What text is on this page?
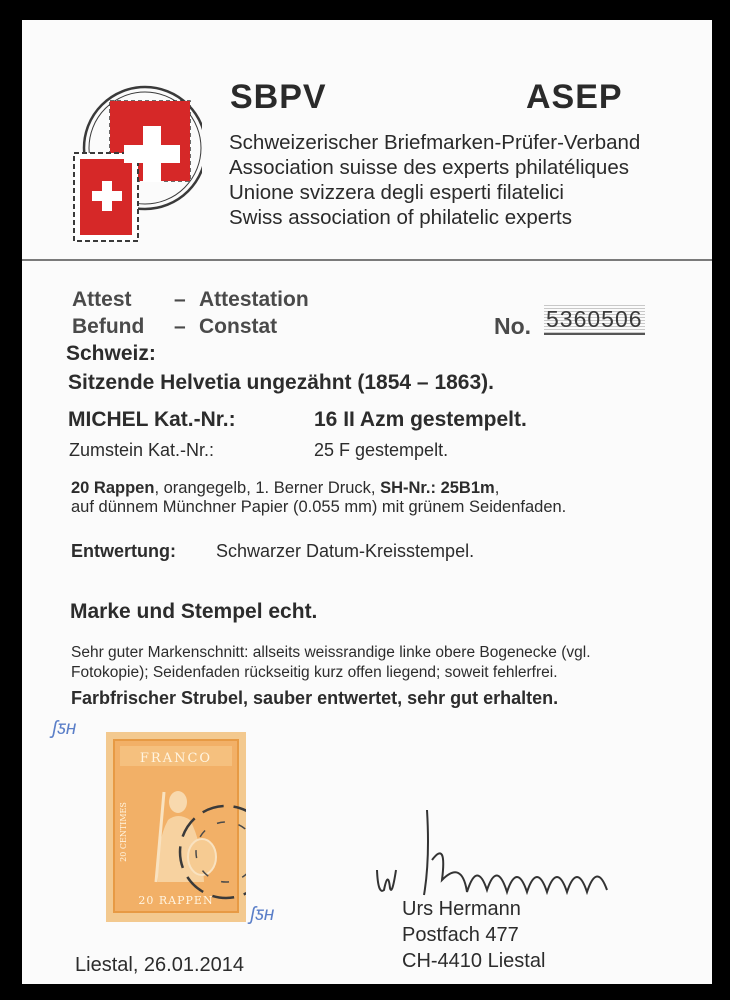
SBPV	ASEP
Schweizerischer Briefmarken-Prüfer-Verband
Association suisse des experts philatéliques
Unione svizzera degli esperti filatelici
Swiss association of philatelic experts
Attest – Attestation
Befund – Constat	No. 5360506
Schweiz:
Sitzende Helvetia ungezähnt (1854 – 1863).
MICHEL Kat.-Nr.:	16 II Azm gestempelt.
Zumstein Kat.-Nr.:	25 F gestempelt.
20 Rappen, orangegelb, 1. Berner Druck, SH-Nr.: 25B1m,
auf dünnem Münchner Papier (0.055 mm) mit grünem Seidenfaden.
Entwertung: Schwarzer Datum-Kreisstempel.
Marke und Stempel echt.
Sehr guter Markenschnitt: allseits weissrandige linke obere Bogenecke (vgl.
Fotokopie); Seidenfaden rückseitig kurz offen liegend; soweit fehlerfrei.
Farbfrischer Strubel, sauber entwertet, sehr gut erhalten.
ʃƽʜ
ʃƽʜ
FRANCO
20 RAPPEN
20 CENTIMES
Liestal, 26.01.2014
Urs Hermann
Postfach 477
CH-4410 Liestal
